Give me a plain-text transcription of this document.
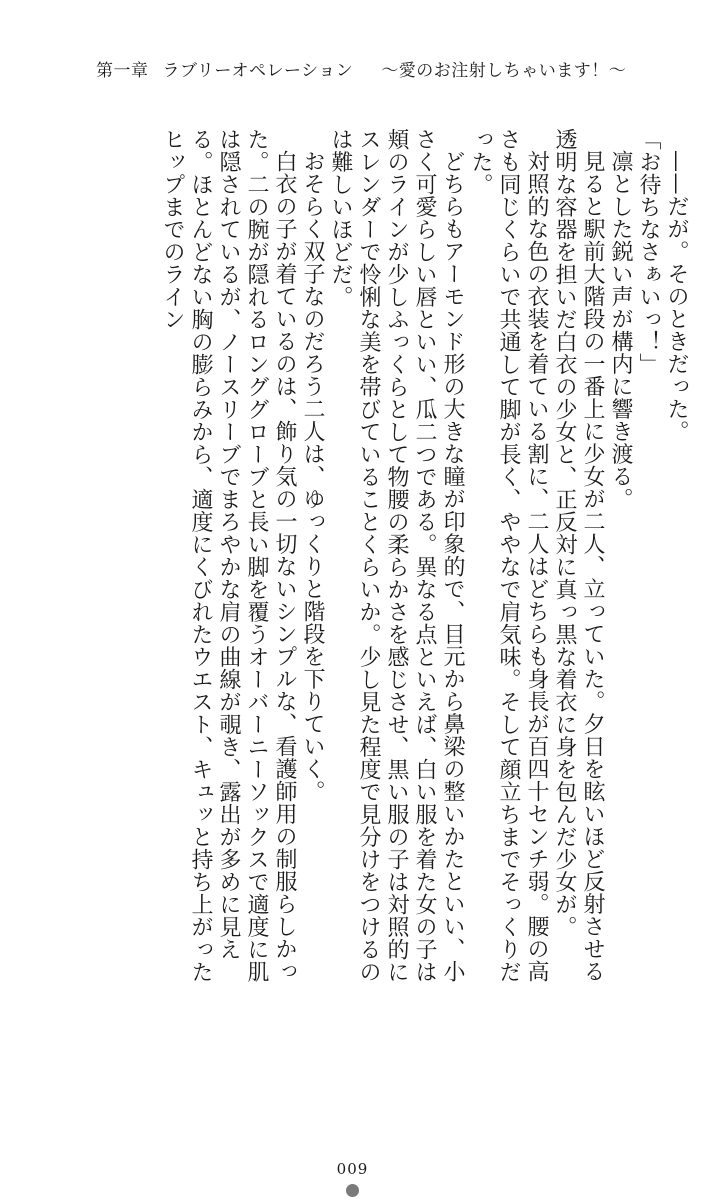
第一章 ラブリーオペレーション ～愛のお注射しちゃいます！～

——だが。そのときだった。

「お待ちなさぁいっ！」

凛とした鋭い声が構内に響き渡る。

見ると駅前大階段の一番上に少女が二人、立っていた。夕日を眩いほど反射させる透明な容器を担いだ白衣の少女と、正反対に真っ黒な着衣に身を包んだ少女が。

対照的な色の衣装を着ている割に、二人はどちらも身長が百四十センチ弱。腰の高さも同じくらいで共通して脚が長く、ややなで肩気味。そして顔立ちまでそっくりだった。

どちらもアーモンド形の大きな瞳が印象的で、目元から鼻梁の整いかたといい、小さく可愛らしい唇といい、瓜二つである。異なる点といえば、白い服を着た女の子は頬のラインが少しふっくらとして物腰の柔らかさを感じさせ、黒い服の子は対照的にスレンダーで怜悧な美を帯びていることくらいか。少し見た程度で見分けをつけるのは難しいほどだ。

おそらく双子なのだろう二人は、ゆっくりと階段を下りていく。

白衣の子が着ているのは、飾り気の一切ないシンプルな、看護師用の制服らしかった。二の腕が隠れるロンググローブと長い脚を覆うオーバーニーソックスで適度に肌は隠されているが、ノースリーブでまろやかな肩の曲線が覗き、露出が多めに見える。ほとんどない胸の膨らみから、適度にくびれたウエスト、キュッと持ち上がったヒップまでのライン

009
